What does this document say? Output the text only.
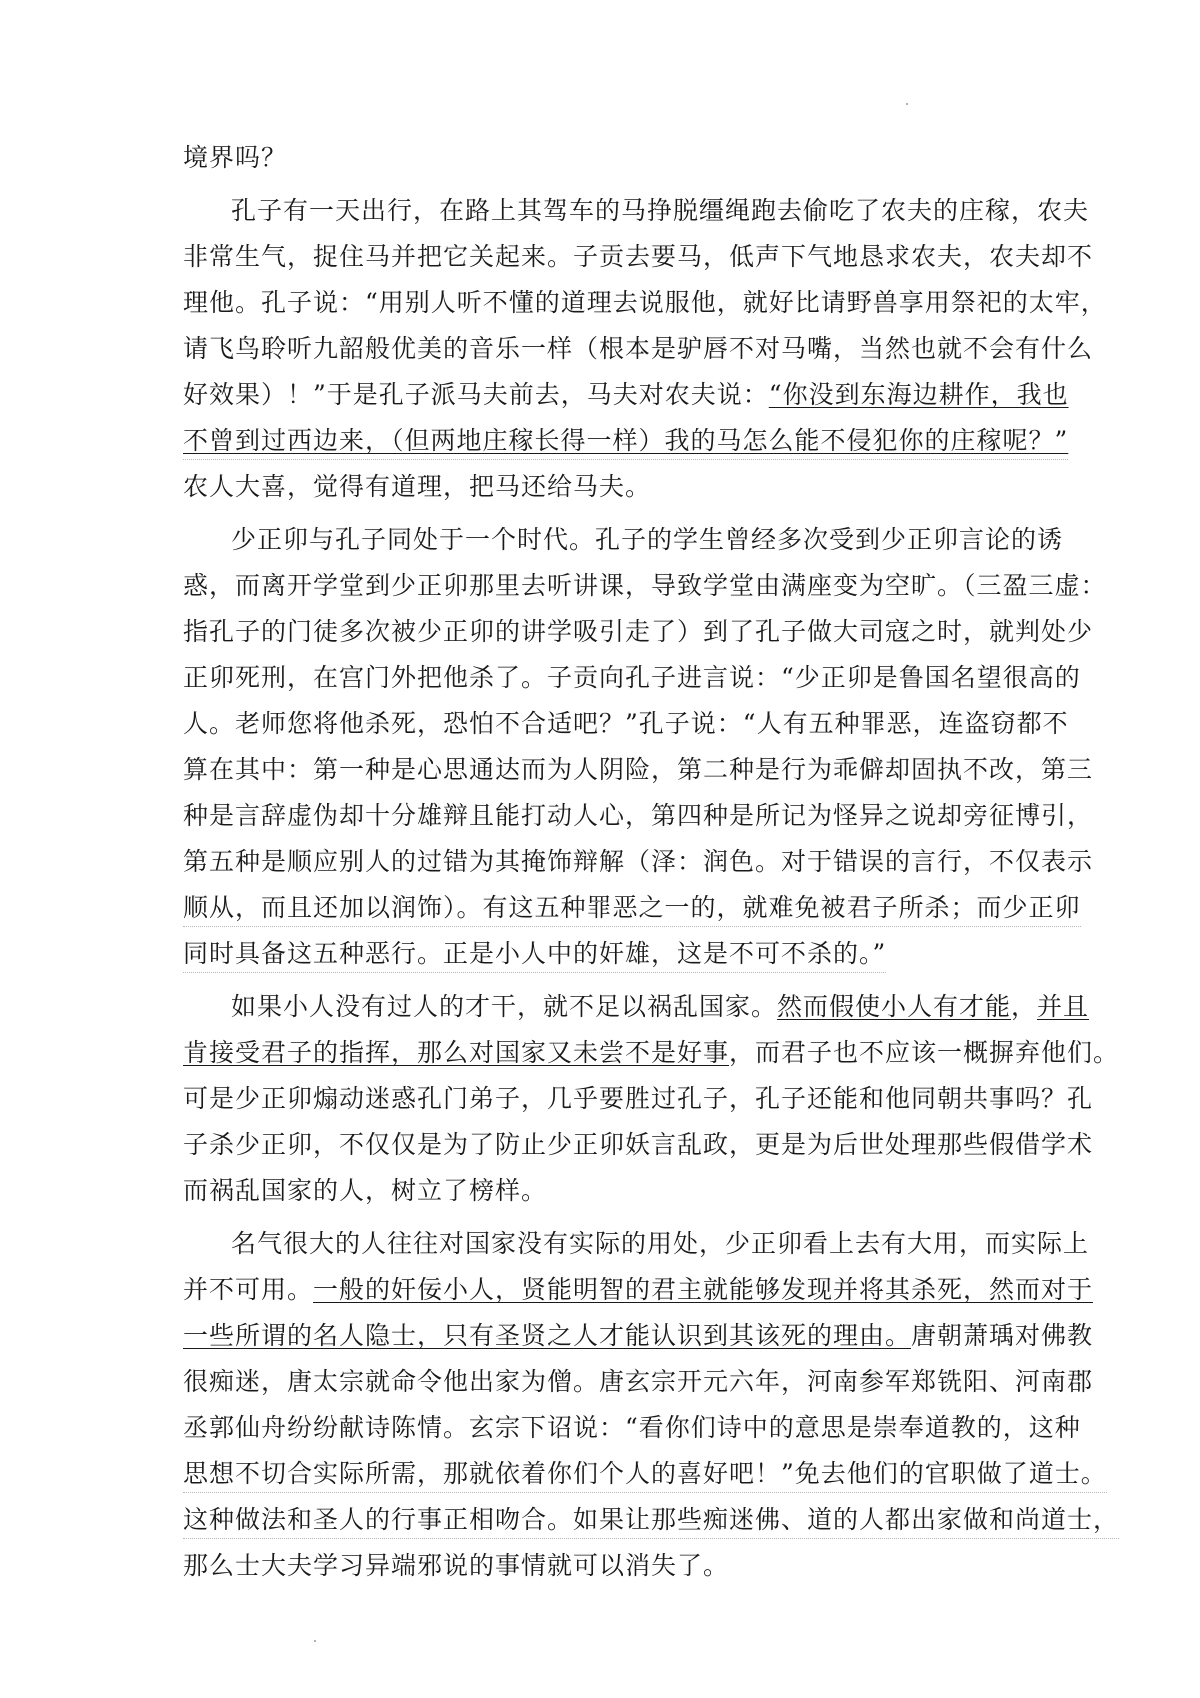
境界吗？
孔子有一天出行，在路上其驾车的马挣脱缰绳跑去偷吃了农夫的庄稼，农夫
非常生气，捉住马并把它关起来。子贡去要马，低声下气地恳求农夫，农夫却不
理他。孔子说：“用别人听不懂的道理去说服他，就好比请野兽享用祭祀的太牢，
请飞鸟聆听九韶般优美的音乐一样（根本是驴唇不对马嘴，当然也就不会有什么
好效果）！”于是孔子派马夫前去，马夫对农夫说：“你没到东海边耕作，我也
不曾到过西边来，（但两地庄稼长得一样）我的马怎么能不侵犯你的庄稼呢？”
农人大喜，觉得有道理，把马还给马夫。
少正卯与孔子同处于一个时代。孔子的学生曾经多次受到少正卯言论的诱
惑，而离开学堂到少正卯那里去听讲课，导致学堂由满座变为空旷。（三盈三虚：
指孔子的门徒多次被少正卯的讲学吸引走了）到了孔子做大司寇之时，就判处少
正卯死刑，在宫门外把他杀了。子贡向孔子进言说：“少正卯是鲁国名望很高的
人。老师您将他杀死，恐怕不合适吧？”孔子说：“人有五种罪恶，连盗窃都不
算在其中：第一种是心思通达而为人阴险，第二种是行为乖僻却固执不改，第三
种是言辞虚伪却十分雄辩且能打动人心，第四种是所记为怪异之说却旁征博引，
第五种是顺应别人的过错为其掩饰辩解（泽：润色。对于错误的言行，不仅表示
顺从，而且还加以润饰）。有这五种罪恶之一的，就难免被君子所杀；而少正卯
同时具备这五种恶行。正是小人中的奸雄，这是不可不杀的。”
如果小人没有过人的才干，就不足以祸乱国家。然而假使小人有才能，并且
肯接受君子的指挥，那么对国家又未尝不是好事，而君子也不应该一概摒弃他们。
可是少正卯煽动迷惑孔门弟子，几乎要胜过孔子，孔子还能和他同朝共事吗？孔
子杀少正卯，不仅仅是为了防止少正卯妖言乱政，更是为后世处理那些假借学术
而祸乱国家的人，树立了榜样。
名气很大的人往往对国家没有实际的用处，少正卯看上去有大用，而实际上
并不可用。一般的奸佞小人，贤能明智的君主就能够发现并将其杀死，然而对于
一些所谓的名人隐士，只有圣贤之人才能认识到其该死的理由。唐朝萧瑀对佛教
很痴迷，唐太宗就命令他出家为僧。唐玄宗开元六年，河南参军郑铣阳、河南郡
丞郭仙舟纷纷献诗陈情。玄宗下诏说：“看你们诗中的意思是崇奉道教的，这种
思想不切合实际所需，那就依着你们个人的喜好吧！”免去他们的官职做了道士。
这种做法和圣人的行事正相吻合。如果让那些痴迷佛、道的人都出家做和尚道士，
那么士大夫学习异端邪说的事情就可以消失了。
